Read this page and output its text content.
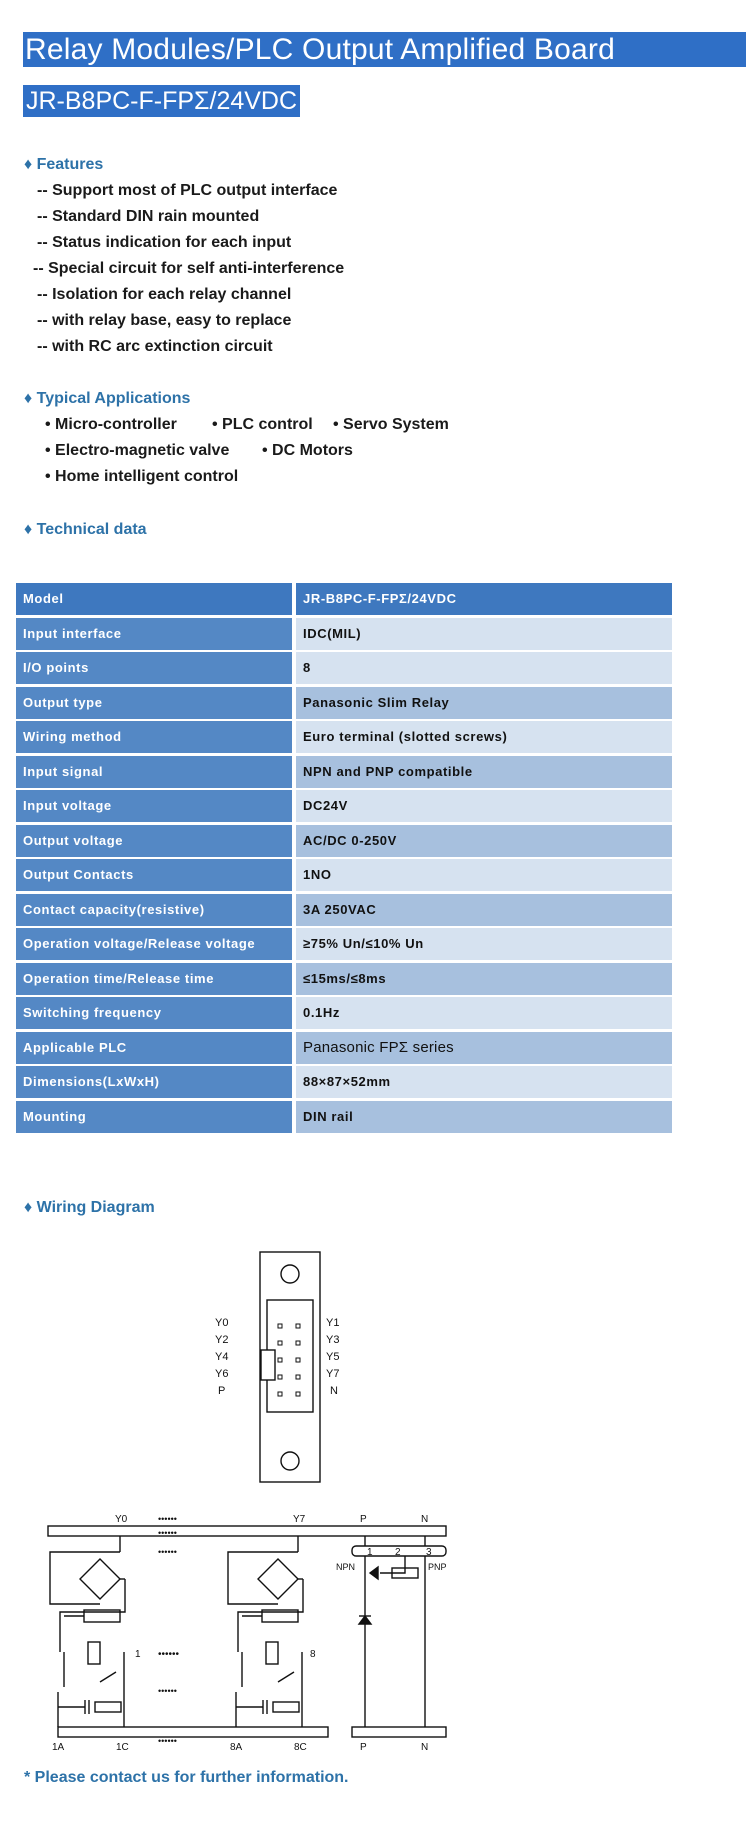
Relay Modules/PLC Output Amplified Board
JR-B8PC-F-FPΣ/24VDC
♦ Features
-- Support most of PLC output interface
-- Standard DIN rain mounted
-- Status indication for each input
-- Special circuit for self anti-interference
-- Isolation for each relay channel
-- with relay base, easy to replace
-- with RC arc extinction circuit
♦ Typical Applications
• Micro-controller • PLC control • Servo System
• Electro-magnetic valve • DC Motors
• Home intelligent control
♦ Technical data
Model	JR-B8PC-F-FPΣ/24VDC
Input interface	IDC(MIL)
I/O points	8
Output type	Panasonic Slim Relay
Wiring method	Euro terminal (slotted screws)
Input signal	NPN and PNP compatible
Input voltage	DC24V
Output voltage	AC/DC 0-250V
Output Contacts	1NO
Contact capacity(resistive)	3A 250VAC
Operation voltage/Release voltage	≥75% Un/≤10% Un
Operation time/Release time	≤15ms/≤8ms
Switching frequency	0.1Hz
Applicable PLC	Panasonic FPΣ series
Dimensions(LxWxH)	88×87×52mm
Mounting	DIN rail
♦ Wiring Diagram
Y0
Y2
Y4
Y6
P
Y1
Y3
Y5
Y7
N
Y0	Y7	P	N
••••••
••••••
••••••
••••••
••••••
••••••
1	8
1 2	3
NPN	PNP
1A	1C	8A	8C	P	N
* Please contact us for further information.
